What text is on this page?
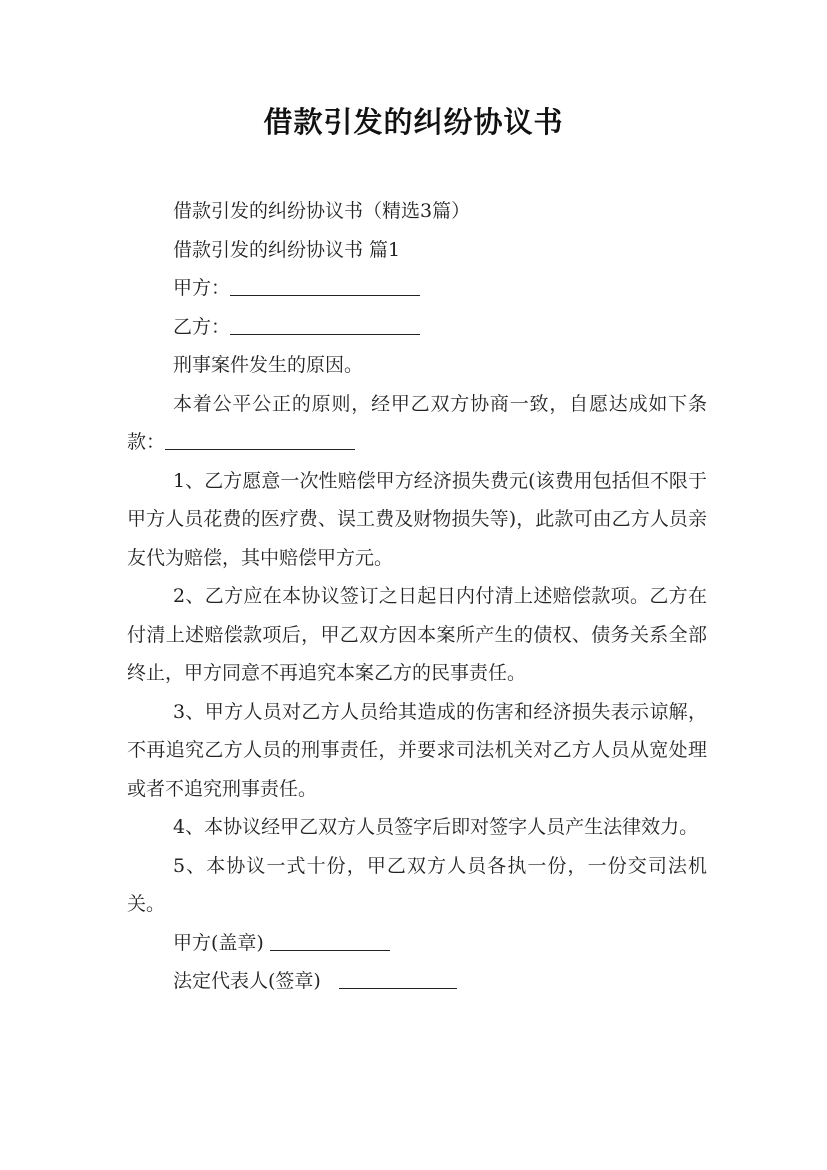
借款引发的纠纷协议书

借款引发的纠纷协议书（精选3篇）

借款引发的纠纷协议书 篇1

甲方：

乙方：

刑事案件发生的原因。

本着公平公正的原则，经甲乙双方协商一致，自愿达成如下条款：

1、乙方愿意一次性赔偿甲方经济损失费元(该费用包括但不限于甲方人员花费的医疗费、误工费及财物损失等)，此款可由乙方人员亲友代为赔偿，其中赔偿甲方元。

2、乙方应在本协议签订之日起日内付清上述赔偿款项。乙方在付清上述赔偿款项后，甲乙双方因本案所产生的债权、债务关系全部终止，甲方同意不再追究本案乙方的民事责任。

3、甲方人员对乙方人员给其造成的伤害和经济损失表示谅解，不再追究乙方人员的刑事责任，并要求司法机关对乙方人员从宽处理或者不追究刑事责任。

4、本协议经甲乙双方人员签字后即对签字人员产生法律效力。

5、本协议一式十份，甲乙双方人员各执一份，一份交司法机关。

甲方(盖章)

法定代表人(签章)
